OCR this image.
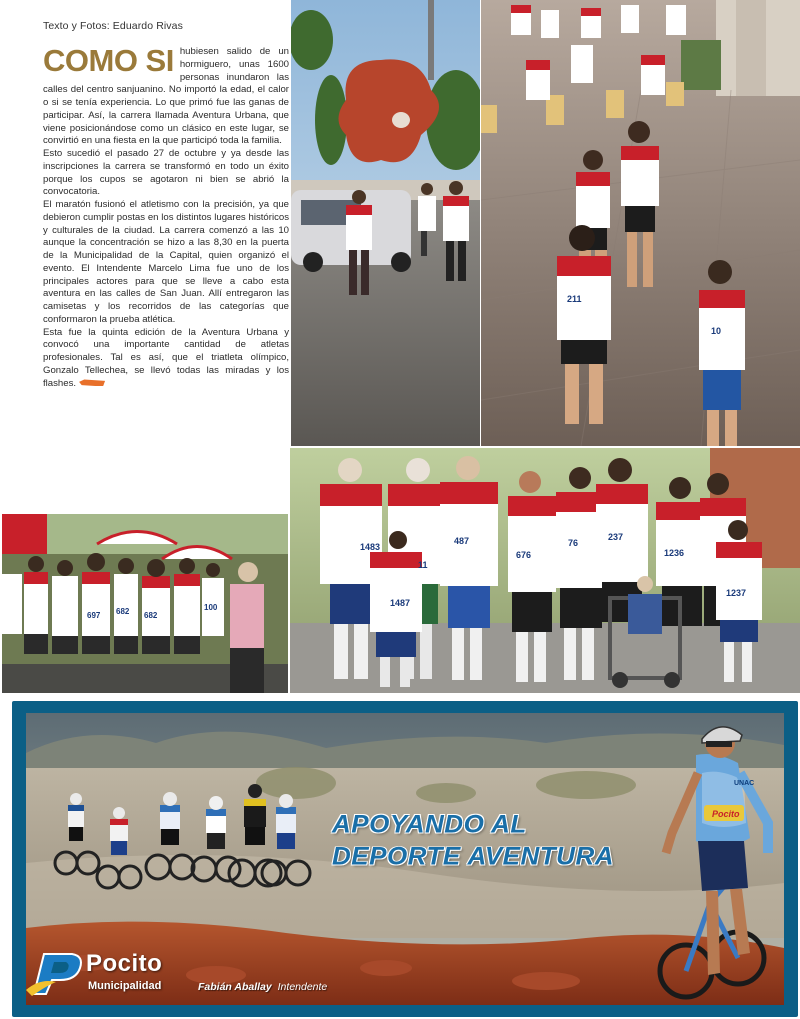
Texto y Fotos: Eduardo Rivas

COMO SI hubiesen salido de un hormiguero, unas 1600 personas inundaron las calles del centro sanjuanino. No importó la edad, el calor o si se tenía experiencia. Lo que primó fue las ganas de participar. Así, la carrera llamada Aventura Urbana, que viene posicionándose como un clásico en este lugar, se convirtió en una fiesta en la que participó toda la familia.

Esto sucedió el pasado 27 de octubre y ya desde las inscripciones la carrera se transformó en todo un éxito porque los cupos se agotaron ni bien se abrió la convocatoria.

El maratón fusionó el atletismo con la precisión, ya que debieron cumplir postas en los distintos lugares históricos y culturales de la ciudad. La carrera comenzó a las 10 aunque la concentración se hizo a las 8,30 en la puerta de la Municipalidad de la Capital, quien organizó el evento. El Intendente Marcelo Lima fue uno de los principales actores para que se lleve a cabo esta aventura en las calles de San Juan. Allí entregaron las camisetas y los recorridos de las categorías que conformaron la prueba atlética.

Esta fue la quinta edición de la Aventura Urbana y convocó una importante cantidad de atletas profesionales. Tal es así, que el triatleta olímpico, Gonzalo Tellechea, se llevó todas las miradas y los flashes.

211
10
697	682
100
682
1483
1487
487
676
76
237
1236
1237
11
Pocito
UNAC
APOYANDO AL
DEPORTE AVENTURA
Pocito
Municipalidad	Fabián Aballay Intendente
